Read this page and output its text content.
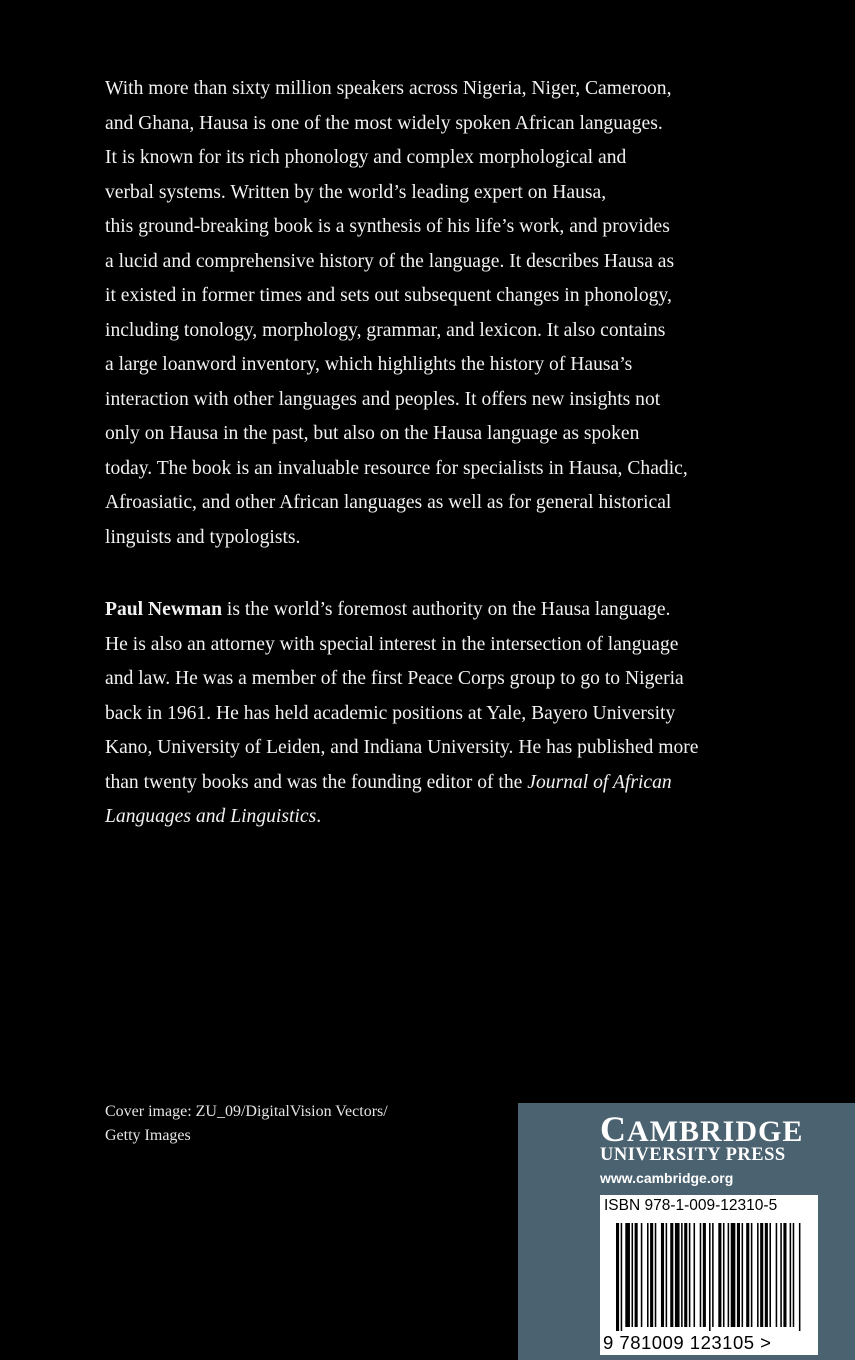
With more than sixty million speakers across Nigeria, Niger, Cameroon,
and Ghana, Hausa is one of the most widely spoken African languages.
It is known for its rich phonology and complex morphological and
verbal systems. Written by the world’s leading expert on Hausa,
this ground-breaking book is a synthesis of his life’s work, and provides
a lucid and comprehensive history of the language. It describes Hausa as
it existed in former times and sets out subsequent changes in phonology,
including tonology, morphology, grammar, and lexicon. It also contains
a large loanword inventory, which highlights the history of Hausa’s
interaction with other languages and peoples. It offers new insights not
only on Hausa in the past, but also on the Hausa language as spoken
today. The book is an invaluable resource for specialists in Hausa, Chadic,
Afroasiatic, and other African languages as well as for general historical
linguists and typologists.
Paul Newman is the world’s foremost authority on the Hausa language.
He is also an attorney with special interest in the intersection of language
and law. He was a member of the first Peace Corps group to go to Nigeria
back in 1961. He has held academic positions at Yale, Bayero University
Kano, University of Leiden, and Indiana University. He has published more
than twenty books and was the founding editor of the Journal of African
Languages and Linguistics.
Cover image: ZU_09/DigitalVision Vectors/
Getty Images	CAMBRIDGE
UNIVERSITY PRESS
www.cambridge.org
ISBN 978-1-009-12310-5
9 781009 123105 >
